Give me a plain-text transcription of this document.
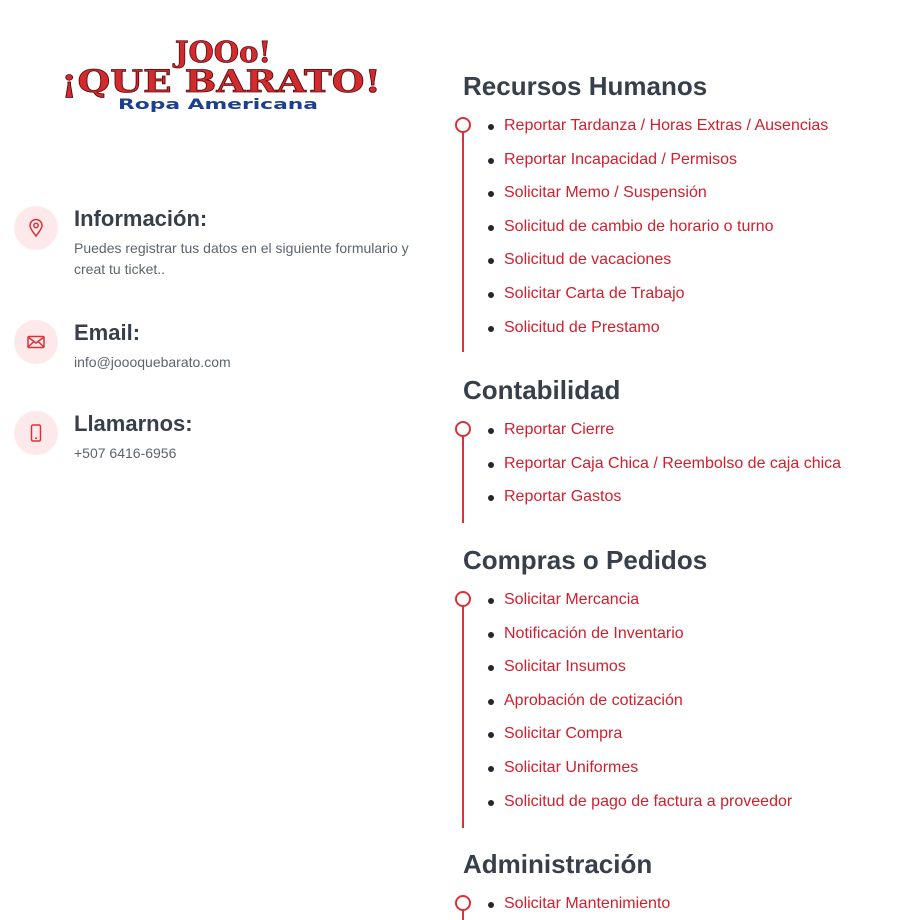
JOOo!
¡QUE BARATO!
Ropa Americana
Información:
Puedes registrar tus datos en el siguiente formulario y creat tu ticket..
Email:
info@joooquebarato.com
Llamarnos:
+507 6416-6956
Recursos Humanos
Reportar Tardanza / Horas Extras / Ausencias
Reportar Incapacidad / Permisos
Solicitar Memo / Suspensión
Solicitud de cambio de horario o turno
Solicitud de vacaciones
Solicitar Carta de Trabajo
Solicitud de Prestamo
Contabilidad
Reportar Cierre
Reportar Caja Chica / Reembolso de caja chica
Reportar Gastos
Compras o Pedidos
Solicitar Mercancia
Notificación de Inventario
Solicitar Insumos
Aprobación de cotización
Solicitar Compra
Solicitar Uniformes
Solicitud de pago de factura a proveedor
Administración
Solicitar Mantenimiento
